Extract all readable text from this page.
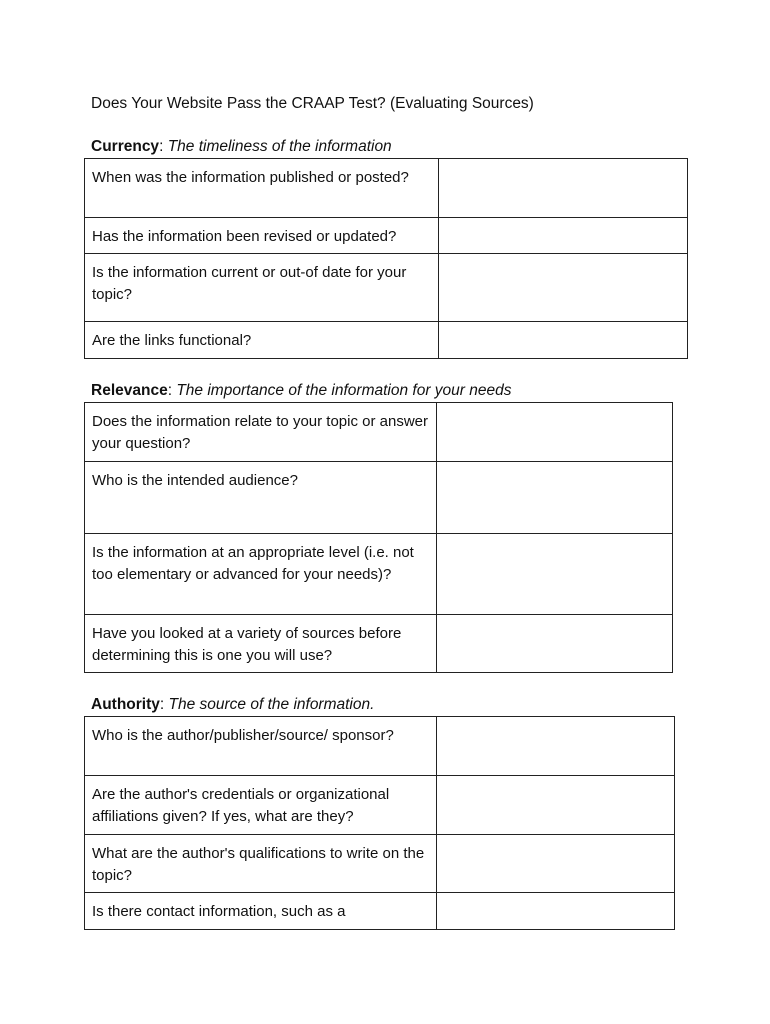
Does Your Website Pass the CRAAP Test? (Evaluating Sources)
Currency: The timeliness of the information
When was the information published or posted?	

Has the information been revised or updated?	

Is the information current or out-of date for your topic?	

Are the links functional?	
Relevance: The importance of the information for your needs
Does the information relate to your topic or answer your question?	

Who is the intended audience?	

Is the information at an appropriate level (i.e. not too elementary or advanced for your needs)?	

Have you looked at a variety of sources before determining this is one you will use?	
Authority: The source of the information.
Who is the author/publisher/source/ sponsor?	

Are the author's credentials or organizational affiliations given? If yes, what are they?	

What are the author's qualifications to write on the topic?	

Is there contact information, such as a	
